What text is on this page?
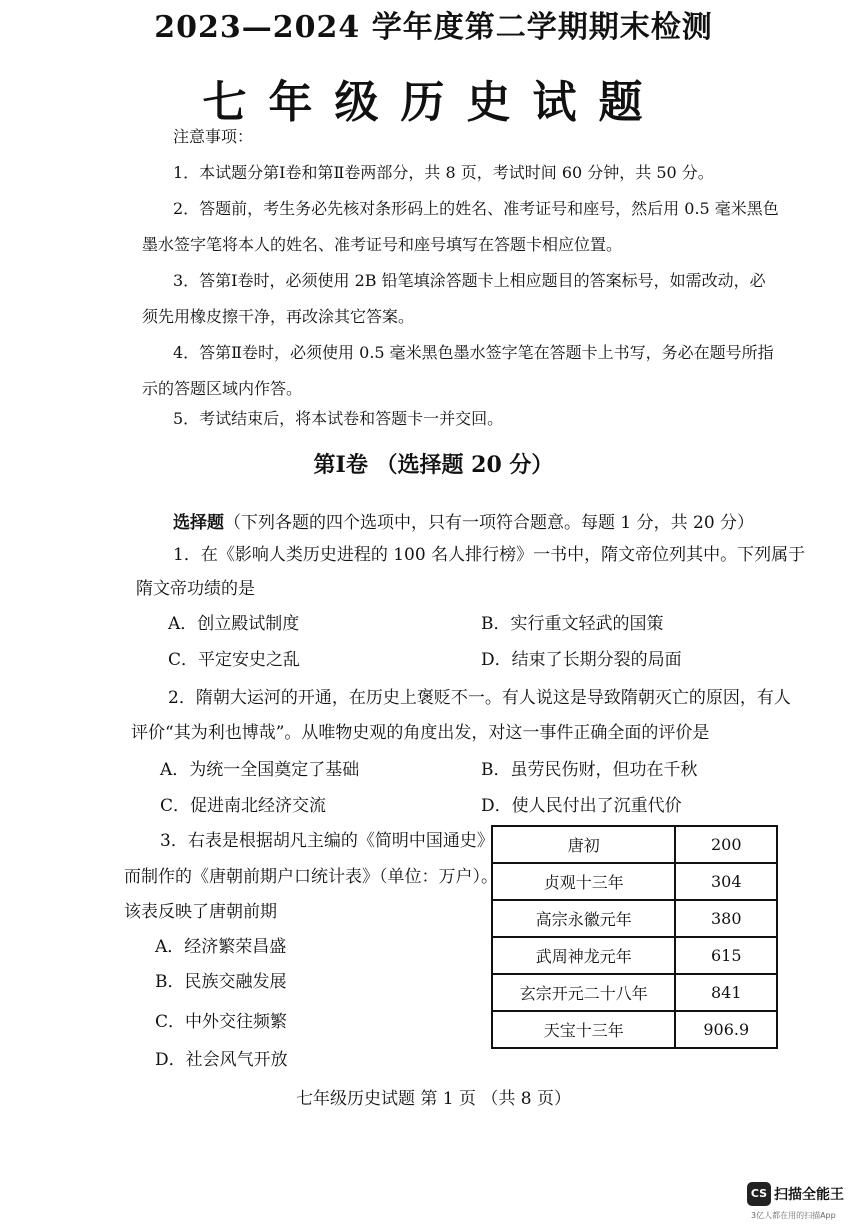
2023—2024 学年度第二学期期末检测
七年级历史试题
注意事项：
1．本试题分第Ⅰ卷和第Ⅱ卷两部分，共 8 页，考试时间 60 分钟，共 50 分。
2．答题前，考生务必先核对条形码上的姓名、准考证号和座号，然后用 0.5 毫米黑色
墨水签字笔将本人的姓名、准考证号和座号填写在答题卡相应位置。
3．答第Ⅰ卷时，必须使用 2B 铅笔填涂答题卡上相应题目的答案标号，如需改动，必
须先用橡皮擦干净，再改涂其它答案。
4．答第Ⅱ卷时，必须使用 0.5 毫米黑色墨水签字笔在答题卡上书写，务必在题号所指
示的答题区域内作答。
5．考试结束后，将本试卷和答题卡一并交回。
第Ⅰ卷 （选择题 20 分）
选择题（下列各题的四个选项中，只有一项符合题意。每题 1 分，共 20 分）
1．在《影响人类历史进程的 100 名人排行榜》一书中，隋文帝位列其中。下列属于
隋文帝功绩的是
A．创立殿试制度	B．实行重文轻武的国策
C．平定安史之乱	D．结束了长期分裂的局面
2．隋朝大运河的开通，在历史上褒贬不一。有人说这是导致隋朝灭亡的原因，有人
评价“其为利也博哉”。从唯物史观的角度出发，对这一事件正确全面的评价是
A．为统一全国奠定了基础	B．虽劳民伤财，但功在千秋
C．促进南北经济交流	D．使人民付出了沉重代价
3．右表是根据胡凡主编的《简明中国通史》
而制作的《唐朝前期户口统计表》（单位：万户）。
该表反映了唐朝前期
A．经济繁荣昌盛
B．民族交融发展
C．中外交往频繁
D．社会风气开放
唐初	200
贞观十三年	304
高宗永徽元年	380
武周神龙元年	615
玄宗开元二十八年	841
天宝十三年	906.9
七年级历史试题 第 1 页 （共 8 页）
CS 扫描全能王
3亿人都在用的扫描App
